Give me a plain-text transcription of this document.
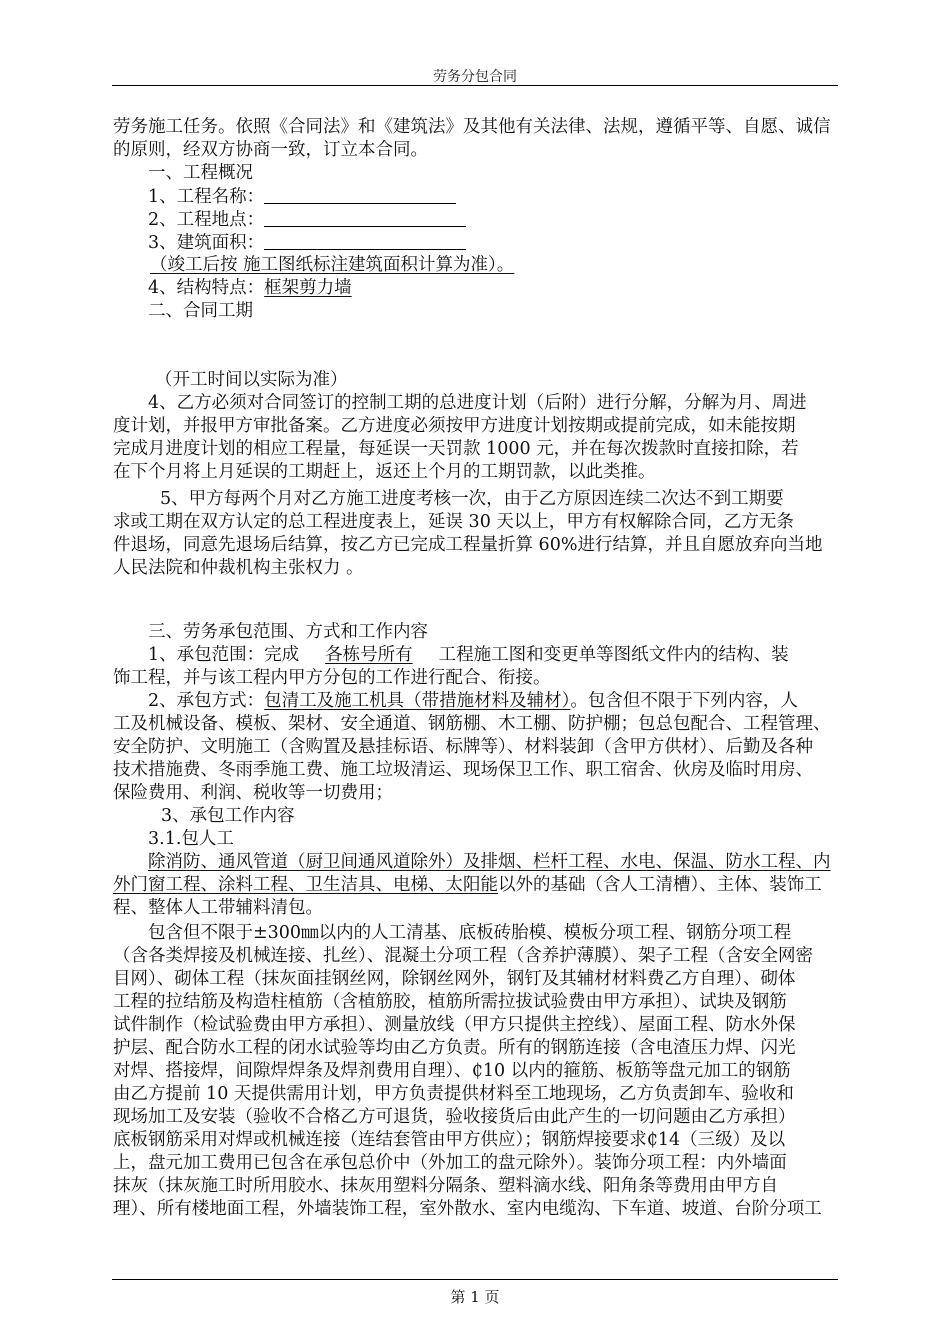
劳务分包合同
劳务施工任务。依照《合同法》和《建筑法》及其他有关法律、法规，遵循平等、自愿、诚信
的原则，经双方协商一致，订立本合同。
一、工程概况
1、工程名称：
2、工程地点：
3、建筑面积：
（竣工后按 施工图纸标注建筑面积计算为准）。
4、结构特点：框架剪力墙
二、合同工期
（开工时间以实际为准）
4、乙方必须对合同签订的控制工期的总进度计划（后附）进行分解，分解为月、周进
度计划，并报甲方审批备案。乙方进度必须按甲方进度计划按期或提前完成，如未能按期
完成月进度计划的相应工程量，每延误一天罚款 1000 元，并在每次拨款时直接扣除，若
在下个月将上月延误的工期赶上，返还上个月的工期罚款，以此类推。
5、甲方每两个月对乙方施工进度考核一次，由于乙方原因连续二次达不到工期要
求或工期在双方认定的总工程进度表上，延误 30 天以上，甲方有权解除合同，乙方无条
件退场，同意先退场后结算，按乙方已完成工程量折算 60%进行结算，并且自愿放弃向当地
人民法院和仲裁机构主张权力 。
三、劳务承包范围、方式和工作内容
1、承包范围：完成 各栋号所有 工程施工图和变更单等图纸文件内的结构、装
饰工程，并与该工程内甲方分包的工作进行配合、衔接。
2、承包方式：包清工及施工机具（带措施材料及辅材）。包含但不限于下列内容，人
工及机械设备、模板、架材、安全通道、钢筋棚、木工棚、防护棚；包总包配合、工程管理、
安全防护、文明施工（含购置及悬挂标语、标牌等）、材料装卸（含甲方供材）、后勤及各种
技术措施费、冬雨季施工费、施工垃圾清运、现场保卫工作、职工宿舍、伙房及临时用房、
保险费用、利润、税收等一切费用；
3、承包工作内容
3.1.包人工
除消防、通风管道（厨卫间通风道除外）及排烟、栏杆工程、水电、保温、防水工程、内
外门窗工程、涂料工程、卫生洁具、电梯、太阳能以外的基础（含人工清槽）、主体、装饰工
程、整体人工带辅料清包。
包含但不限于±300㎜以内的人工清基、底板砖胎模、模板分项工程、钢筋分项工程
（含各类焊接及机械连接、扎丝）、混凝土分项工程（含养护薄膜）、架子工程（含安全网密
目网）、砌体工程（抹灰面挂钢丝网，除钢丝网外，钢钉及其辅材材料费乙方自理）、砌体
工程的拉结筋及构造柱植筋（含植筋胶，植筋所需拉拔试验费由甲方承担）、试块及钢筋
试件制作（检试验费由甲方承担）、测量放线（甲方只提供主控线）、屋面工程、防水外保
护层、配合防水工程的闭水试验等均由乙方负责。所有的钢筋连接（含电渣压力焊、闪光
对焊、搭接焊，间隙焊焊条及焊剂费用自理）、₵10 以内的箍筋、板筋等盘元加工的钢筋
由乙方提前 10 天提供需用计划，甲方负责提供材料至工地现场，乙方负责卸车、验收和
现场加工及安装（验收不合格乙方可退货，验收接货后由此产生的一切问题由乙方承担）
底板钢筋采用对焊或机械连接（连结套管由甲方供应）；钢筋焊接要求₵14（三级）及以
上，盘元加工费用已包含在承包总价中（外加工的盘元除外）。装饰分项工程：内外墙面
抹灰（抹灰施工时所用胶水、抹灰用塑料分隔条、塑料滴水线、阳角条等费用由甲方自
理）、所有楼地面工程，外墙装饰工程，室外散水、室内电缆沟、下车道、坡道、台阶分项工
第 1 页
